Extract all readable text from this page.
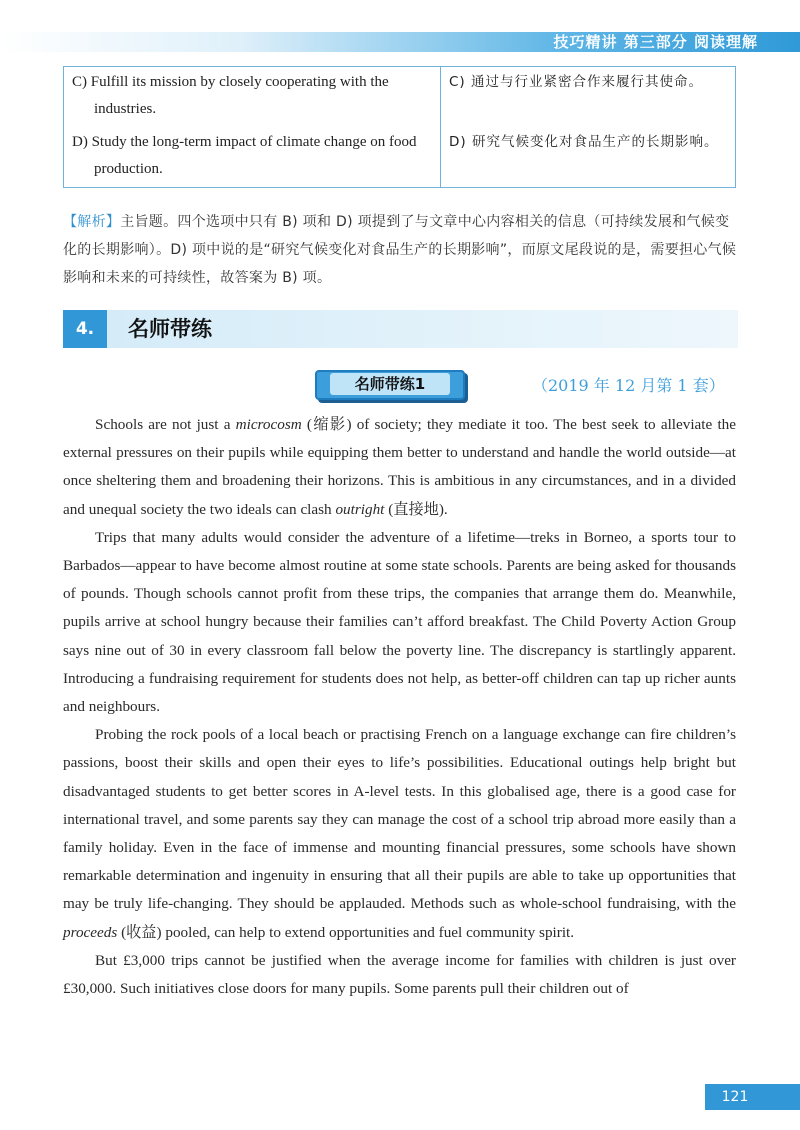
技巧精讲 第三部分 阅读理解
C) Fulfill its mission by closely cooperating with the industries.	C) 通过与行业紧密合作来履行其使命。

D) Study the long-term impact of climate change on food production.	D) 研究气候变化对食品生产的长期影响。
【解析】主旨题。四个选项中只有 B) 项和 D) 项提到了与文章中心内容相关的信息（可持续发展和气候变化的长期影响）。D) 项中说的是“研究气候变化对食品生产的长期影响”，而原文尾段说的是，需要担心气候影响和未来的可持续性，故答案为 B) 项。
4.	名师带练
名师带练1	（2019 年 12 月第 1 套）

Schools are not just a microcosm (缩影) of society; they mediate it too. The best seek to alleviate the external pressures on their pupils while equipping them better to understand and handle the world outside—at once sheltering them and broadening their horizons. This is ambitious in any circumstances, and in a divided and unequal society the two ideals can clash outright (直接地).

Trips that many adults would consider the adventure of a lifetime—treks in Borneo, a sports tour to Barbados—appear to have become almost routine at some state schools. Parents are being asked for thousands of pounds. Though schools cannot profit from these trips, the companies that arrange them do. Meanwhile, pupils arrive at school hungry because their families can’t afford breakfast. The Child Poverty Action Group says nine out of 30 in every classroom fall below the poverty line. The discrepancy is startlingly apparent. Introducing a fundraising requirement for students does not help, as better-off children can tap up richer aunts and neighbours.

Probing the rock pools of a local beach or practising French on a language exchange can fire children’s passions, boost their skills and open their eyes to life’s possibilities. Educational outings help bright but disadvantaged students to get better scores in A-level tests. In this globalised age, there is a good case for international travel, and some parents say they can manage the cost of a school trip abroad more easily than a family holiday. Even in the face of immense and mounting financial pressures, some schools have shown remarkable determination and ingenuity in ensuring that all their pupils are able to take up opportunities that may be truly life-changing. They should be applauded. Methods such as whole-school fundraising, with the proceeds (收益) pooled, can help to extend opportunities and fuel community spirit.

But £3,000 trips cannot be justified when the average income for families with children is just over £30,000. Such initiatives close doors for many pupils. Some parents pull their children out of

121
